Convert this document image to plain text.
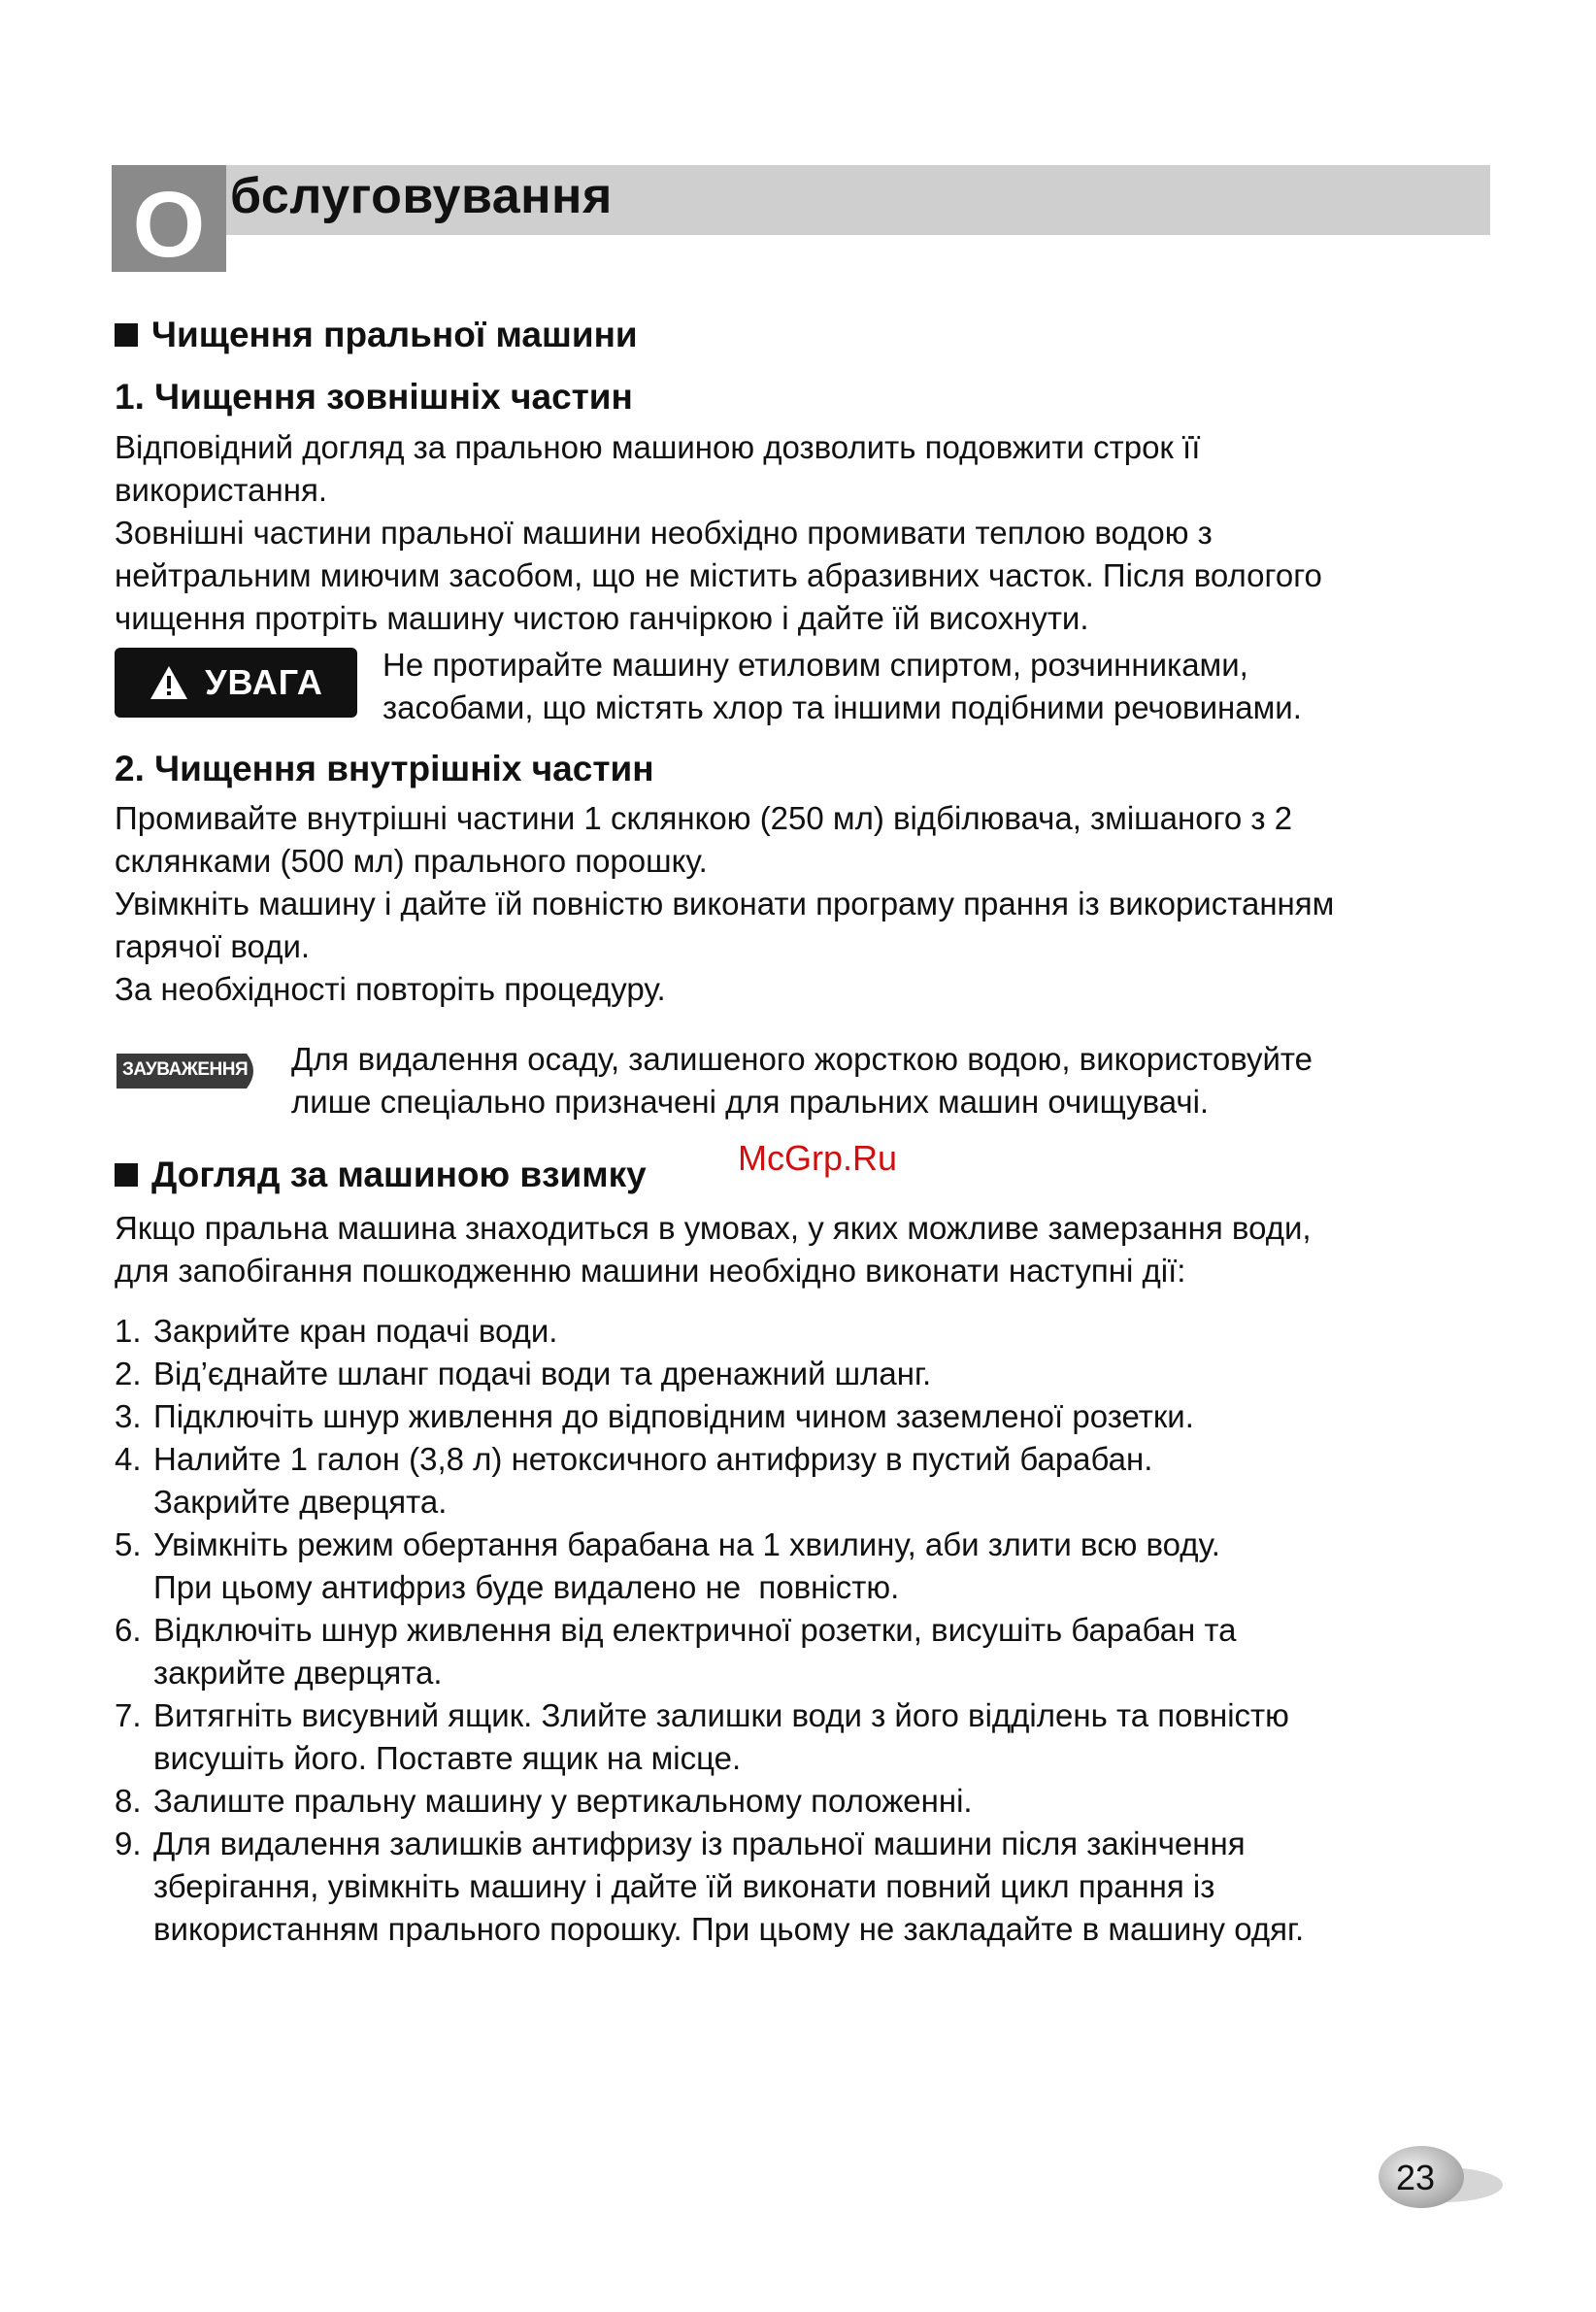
О бслуговування
Чищення пральної машини
1. Чищення зовнішніх частин

Відповідний догляд за пральною машиною дозволить подовжити строк її

використання.

Зовнішні частини пральної машини необхідно промивати теплою водою з

нейтральним миючим засобом, що не містить абразивних часток. Після вологого

чищення протріть машину чистою ганчіркою і дайте їй висохнути.

УВАГА Не протирайте машину етиловим спиртом, розчинниками,

засобами, що містять хлор та іншими подібними речовинами.

2. Чищення внутрішніх частин

Промивайте внутрішні частини 1 склянкою (250 мл) відбілювача, змішаного з 2

склянками (500 мл) прального порошку.

Увімкніть машину і дайте їй повністю виконати програму прання із використанням

гарячої води.

За необхідності повторіть процедуру.

ЗАУВАЖЕННЯ Для видалення осаду, залишеного жорсткою водою, використовуйте

лише спеціально призначені для пральних машин очищувачі.

Догляд за машиною взимку

Якщо пральна машина знаходиться в умовах, у яких можливе замерзання води,

для запобігання пошкодженню машини необхідно виконати наступні дії:

1. Закрийте кран подачі води.
2. Від’єднайте шланг подачі води та дренажний шланг.
3. Підключіть шнур живлення до відповідним чином заземленої розетки.
4. Налийте 1 галон (3,8 л) нетоксичного антифризу в пустий барабан.
Закрийте дверцята.
5. Увімкніть режим обертання барабана на 1 хвилину, аби злити всю воду.
При цьому антифриз буде видалено не  повністю.
6. Відключіть шнур живлення від електричної розетки, висушіть барабан та
закрийте дверцята.
7. Витягніть висувний ящик. Злийте залишки води з його відділень та повністю
висушіть його. Поставте ящик на місце.
8. Залиште пральну машину у вертикальному положенні.
9. Для видалення залишків антифризу із пральної машини після закінчення
зберігання, увімкніть машину і дайте їй виконати повний цикл прання із
використанням прального порошку. При цьому не закладайте в машину одяг.
McGrp.Ru
23
